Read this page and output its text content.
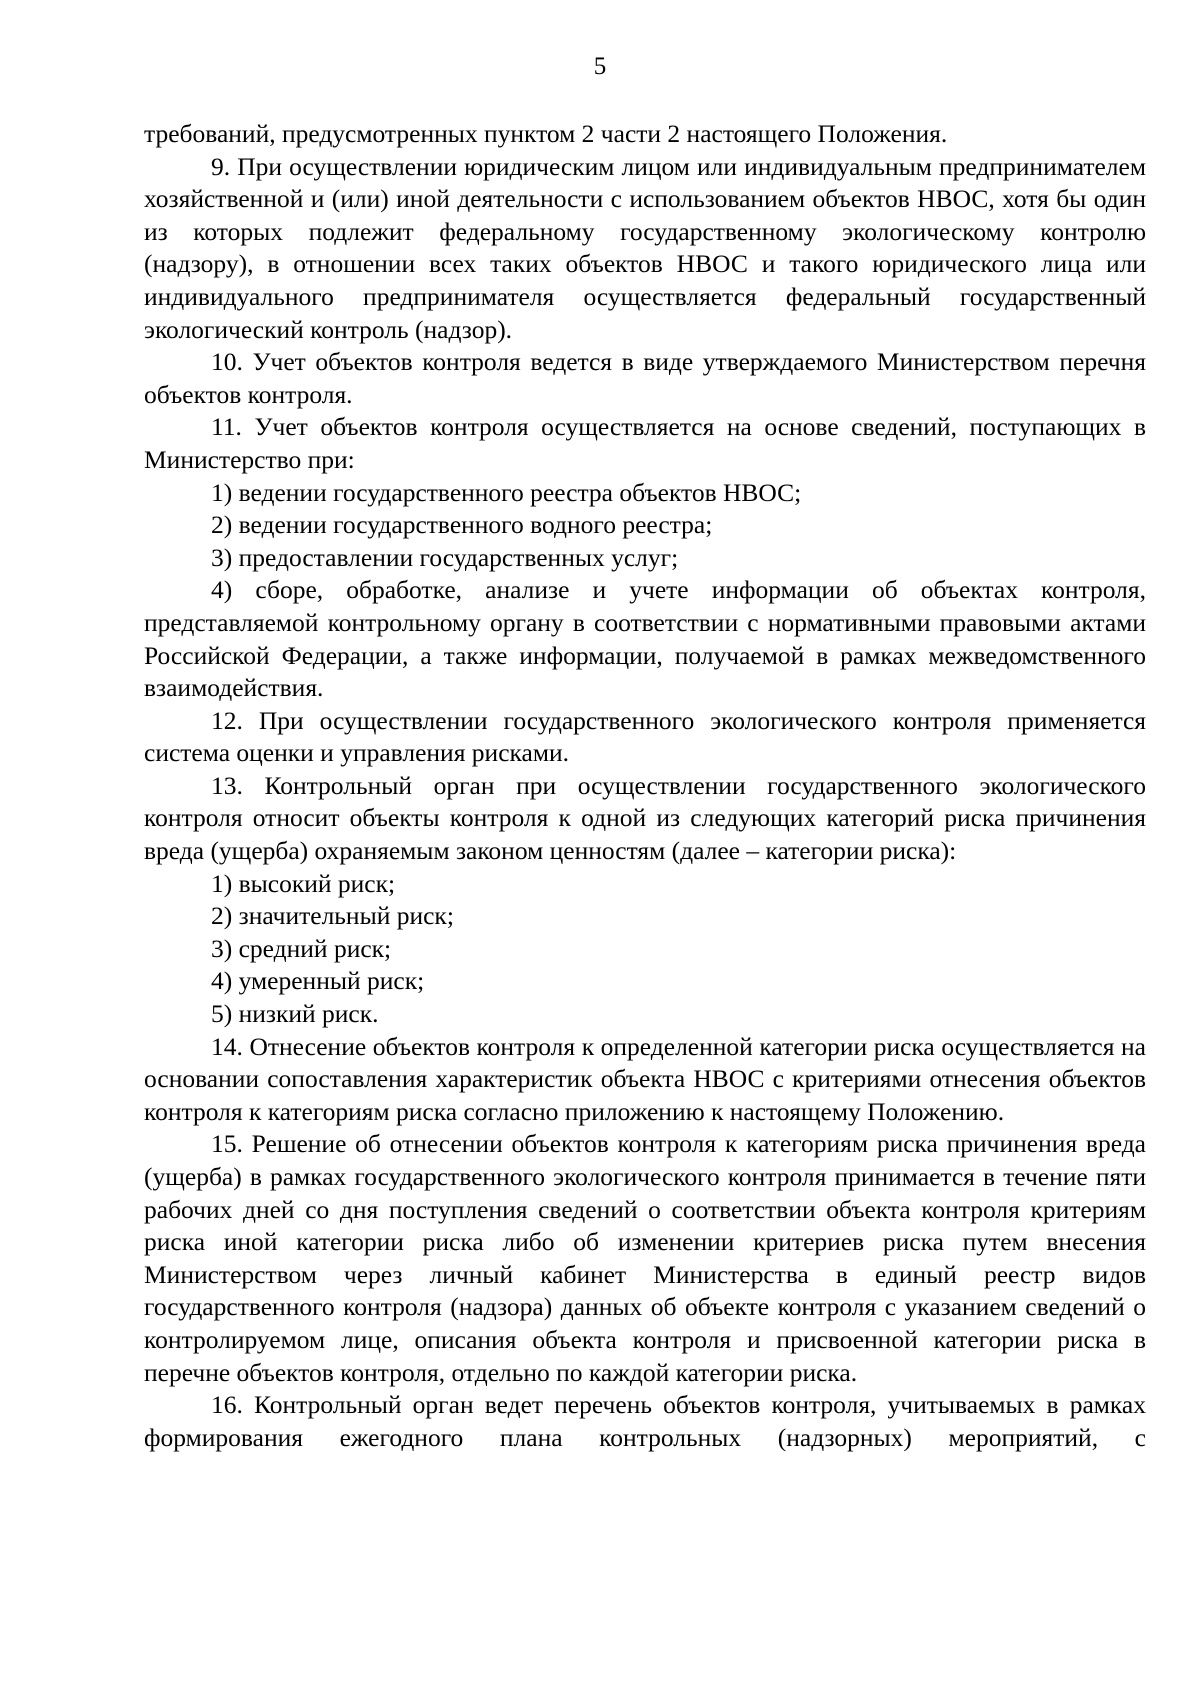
5

требований, предусмотренных пунктом 2 части 2 настоящего Положения.

9. При осуществлении юридическим лицом или индивидуальным предпринимателем хозяйственной и (или) иной деятельности с использованием объектов НВОС, хотя бы один из которых подлежит федеральному государственному экологическому контролю (надзору), в отношении всех таких объектов НВОС и такого юридического лица или индивидуального предпринимателя осуществляется федеральный государственный экологический контроль (надзор).

10. Учет объектов контроля ведется в виде утверждаемого Министерством перечня объектов контроля.

11. Учет объектов контроля осуществляется на основе сведений, поступающих в Министерство при:

1) ведении государственного реестра объектов НВОС;

2) ведении государственного водного реестра;

3) предоставлении государственных услуг;

4) сборе, обработке, анализе и учете информации об объектах контроля, представляемой контрольному органу в соответствии с нормативными правовыми актами Российской Федерации, а также информации, получаемой в рамках межведомственного взаимодействия.

12. При осуществлении государственного экологического контроля применяется система оценки и управления рисками.

13. Контрольный орган при осуществлении государственного экологического контроля относит объекты контроля к одной из следующих категорий риска причинения вреда (ущерба) охраняемым законом ценностям (далее – категории риска):

1) высокий риск;

2) значительный риск;

3) средний риск;

4) умеренный риск;

5) низкий риск.

14. Отнесение объектов контроля к определенной категории риска осуществляется на основании сопоставления характеристик объекта НВОС с критериями отнесения объектов контроля к категориям риска согласно приложению к настоящему Положению.

15. Решение об отнесении объектов контроля к категориям риска причинения вреда (ущерба) в рамках государственного экологического контроля принимается в течение пяти рабочих дней со дня поступления сведений о соответствии объекта контроля критериям риска иной категории риска либо об изменении критериев риска путем внесения Министерством через личный кабинет Министерства в единый реестр видов государственного контроля (надзора) данных об объекте контроля с указанием сведений о контролируемом лице, описания объекта контроля и присвоенной категории риска в перечне объектов контроля, отдельно по каждой категории риска.

16. Контрольный орган ведет перечень объектов контроля, учитываемых в рамках формирования ежегодного плана контрольных (надзорных) мероприятий, с
